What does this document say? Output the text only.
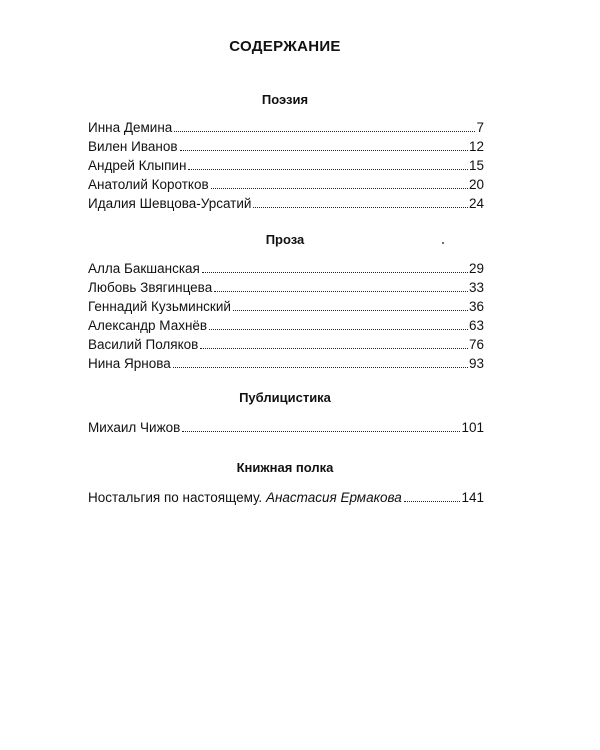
СОДЕРЖАНИЕ
Поэзия
Инна Демина	7
Вилен Иванов	12
Андрей Клыпин	15
Анатолий Коротков	20
Идалия Шевцова-Урсатий	24
Проза
Алла Бакшанская	29
Любовь Звягинцева	33
Геннадий Кузьминский	36
Александр Махнёв	63
Василий Поляков	76
Нина Ярнова	93
Публицистика
Михаил Чижов	101
Книжная полка
Ностальгия по настоящему. Анастасия Ермакова	141
